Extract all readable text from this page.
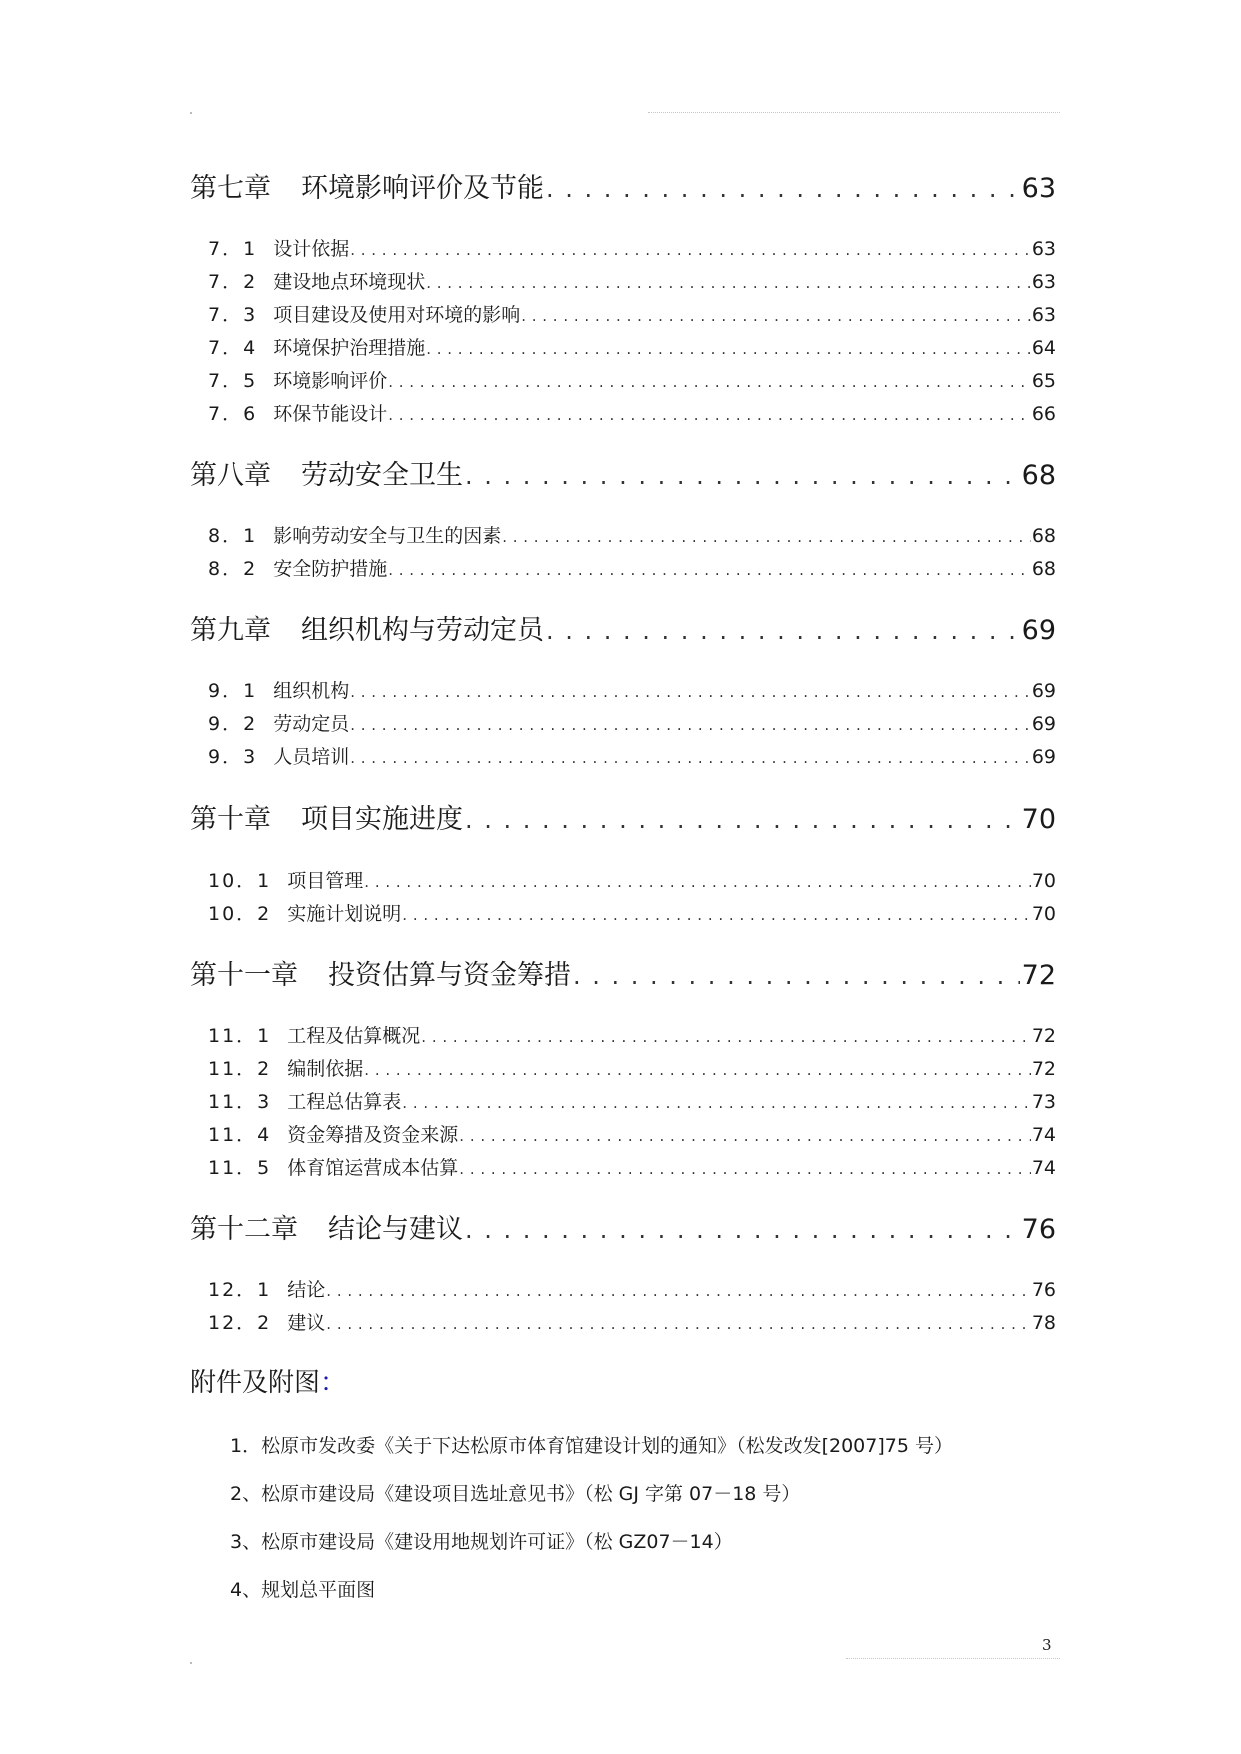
第七章 环境影响评价及节能 . . .	63
7．1 设计依据 . . .	63
7．2 建设地点环境现状 . . .	63
7．3 项目建设及使用对环境的影响 . . .	63
7．4 环境保护治理措施 . . .	64
7．5 环境影响评价 . . .	65
7．6 环保节能设计 . . .	66
第八章 劳动安全卫生 . . .	68
8．1 影响劳动安全与卫生的因素 . . .	68
8．2 安全防护措施 . . .	68
第九章 组织机构与劳动定员 . . .	69
9．1 组织机构 . . .	69
9．2 劳动定员 . . .	69
9．3 人员培训 . . .	69
第十章 项目实施进度 . . .	70
10．1 项目管理 . . .	70
10．2 实施计划说明 . . .	70
第十一章 投资估算与资金筹措 . . .	72
11．1 工程及估算概况 . . .	72
11．2 编制依据 . . .	72
11．3 工程总估算表 . . .	73
11．4 资金筹措及资金来源 . . .	74
11．5 体育馆运营成本估算 . . .	74
第十二章 结论与建议 . . .	76
12．1 结论 . . .	76
12．2 建议 . . .	78
附件及附图：
1．松原市发改委《关于下达松原市体育馆建设计划的通知》（松发改发[2007]75 号）
2、松原市建设局《建设项目选址意见书》（松 GJ 字第 07－18 号）
3、松原市建设局《建设用地规划许可证》（松 GZ07－14）
4、规划总平面图
3
